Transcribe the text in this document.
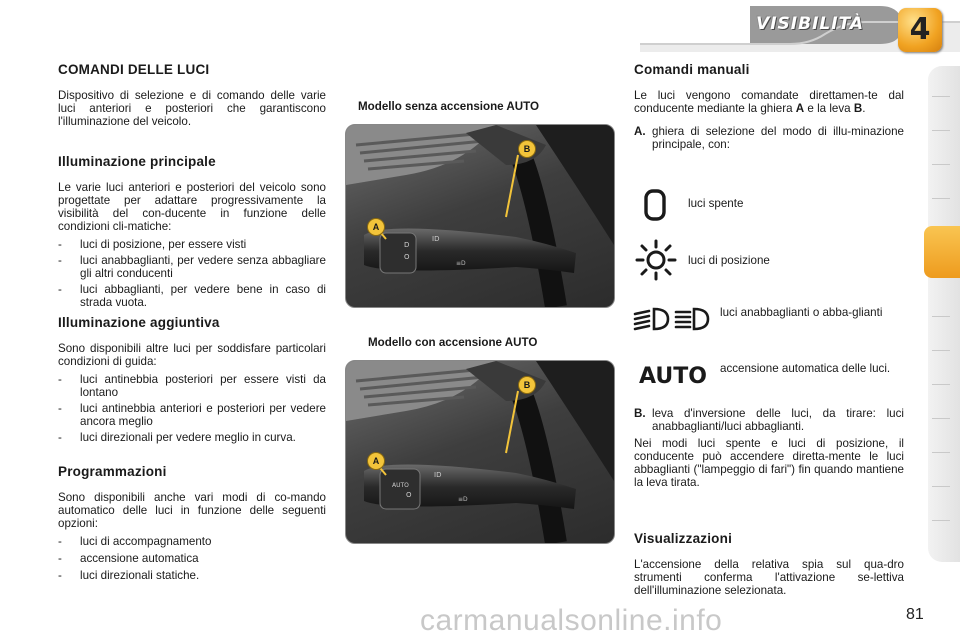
VISIBILITÀ	4
COMANDI DELLE LUCI

Dispositivo di selezione e di comando delle varie luci anteriori e posteriori che garantiscono l'illuminazione del veicolo.

Illuminazione principale

Le varie luci anteriori e posteriori del veicolo sono progettate per adattare progressivamente la visibilità del con-ducente in funzione delle condizioni cli-matiche:

- luci di posizione, per essere visti
- luci anabbaglianti, per vedere senza abbagliare gli altri conducenti
- luci abbaglianti, per vedere bene in caso di strada vuota.
Illuminazione aggiuntiva

Sono disponibili altre luci per soddisfare particolari condizioni di guida:

- luci antinebbia posteriori per essere visti da lontano
- luci antinebbia anteriori e posteriori per vedere ancora meglio
- luci direzionali per vedere meglio in curva.
Programmazioni

Sono disponibili anche vari modi di co-mando automatico delle luci in funzione delle seguenti opzioni:

- luci di accompagnamento
- accensione automatica
- luci direzionali statiche.
Modello senza accensione AUTO
D
O
ID
≡D
A
B
Modello con accensione AUTO
AUTO
O
ID
≡D
A
B
Comandi manuali

Le luci vengono comandate direttamen-te dal conducente mediante la ghiera A e la leva B.

A. ghiera di selezione del modo di illu-minazione principale, con:

luci spente
luci di posizione

luci anabbaglianti o abba-glianti

AUTO accensione automatica delle luci.

B. leva d'inversione delle luci, da tirare: luci anabbaglianti/luci abbaglianti.

Nei modi luci spente e luci di posizione, il conducente può accendere diretta-mente le luci abbaglianti ("lampeggio di fari") fin quando mantiene la leva tirata.

Visualizzazioni

L'accensione della relativa spia sul qua-dro strumenti conferma l'attivazione se-lettiva dell'illuminazione selezionata.

carmanualsonline.info	81
